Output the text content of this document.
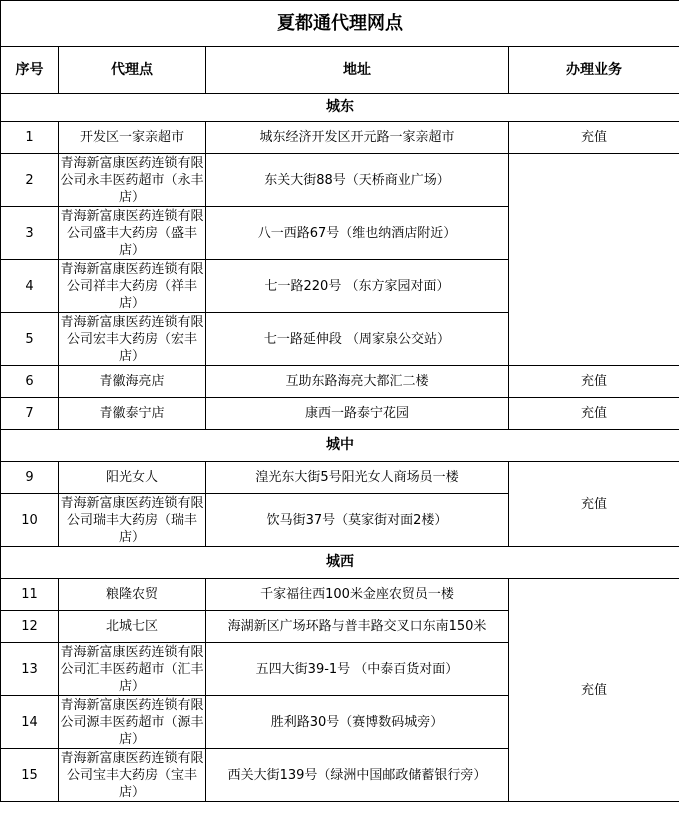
夏都通代理网点			
序号	代理点	地址	办理业务
城东			
1	开发区一家亲超市	城东经济开发区开元路一家亲超市	充值
2	青海新富康医药连锁有限公司永丰医药超市（永丰店）	东关大街88号（天桥商业广场）	
3	青海新富康医药连锁有限公司盛丰大药房（盛丰店）	八一西路67号（维也纳酒店附近）	
4	青海新富康医药连锁有限公司祥丰大药房（祥丰店）	七一路220号 （东方家园对面）	
5	青海新富康医药连锁有限公司宏丰大药房（宏丰店）	七一路延伸段 （周家泉公交站）	
6	青徽海亮店	互助东路海亮大都汇二楼	充值
7	青徽泰宁店	康西一路泰宁花园	充值
城中			
9	阳光女人	湟光东大街5号阳光女人商场员一楼	充值
10	青海新富康医药连锁有限公司瑞丰大药房（瑞丰店）	饮马街37号（莫家街对面2楼）	
城西			
11	粮隆农贸	千家福往西100米金座农贸员一楼	充值
12	北城七区	海湖新区广场环路与普丰路交叉口东南150米	
13	青海新富康医药连锁有限公司汇丰医药超市（汇丰店）	五四大街39-1号 （中泰百货对面）	
14	青海新富康医药连锁有限公司源丰医药超市（源丰店）	胜利路30号（赛博数码城旁）	
15	青海新富康医药连锁有限公司宝丰大药房（宝丰店）	西关大街139号（绿洲中国邮政储蓄银行旁）	
